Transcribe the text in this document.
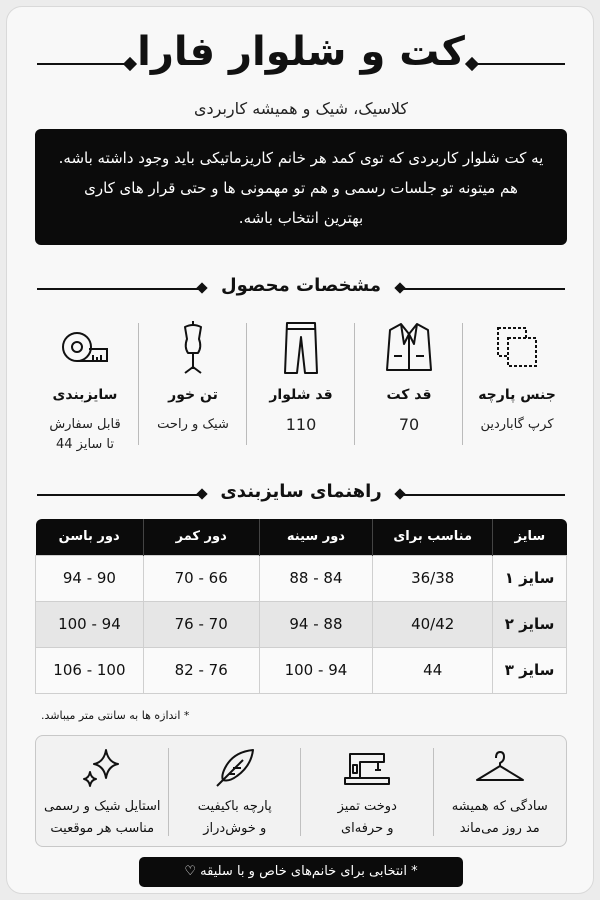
کت و شلوار فارا
کلاسیک، شیک و همیشه کاربردی
یه کت شلوار کاربردی که توی کمد هر خانم کاریزماتیکی باید وجود داشته باشه.
هم میتونه تو جلسات رسمی و هم تو مهمونی ها و حتی قرار های کاری
بهترین انتخاب باشه.
مشخصات محصول
جنس پارچه
کرپ گاباردین
قد کت
70
قد شلوار
110
تن خور
شیک و راحت
سایزبندی
قابل سفارش
تا سایز 44
راهنمای سایزبندی
سایز	مناسب برای	دور سینه	دور کمر	دور باسن
سایز ۱	36/38	84 - 88	66 - 70	90 - 94
سایز ۲	40/42	88 - 94	70 - 76	94 - 100
سایز ۳	44	94 - 100	76 - 82	100 - 106
* اندازه ها به سانتی متر میباشد.
سادگی که همیشه
مد روز می‌ماند
دوخت تمیز
و حرفه‌ای
پارچه باکیفیت
و خوش‌دراز
استایل شیک و رسمی
مناسب هر موقعیت
* انتخابی برای خانم‌های خاص و با سلیقه ♡
